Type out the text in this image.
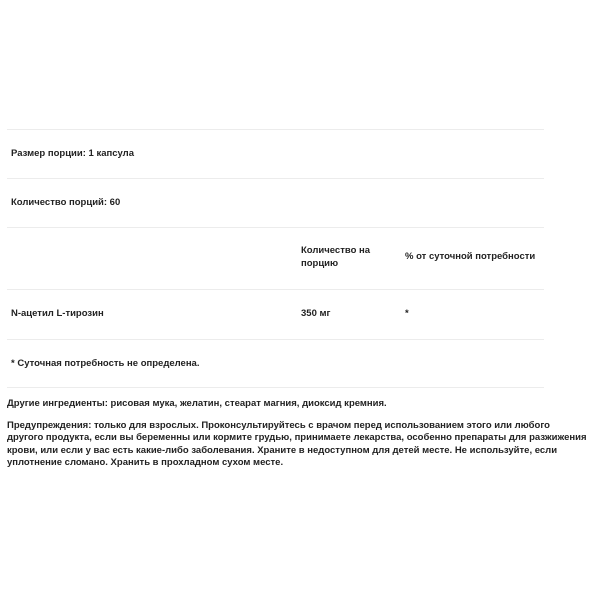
Размер порции: 1 капсула
Количество порций: 60
Количество на порцию
% от суточной потребности
N-ацетил L-тирозин	350 мг	*
* Суточная потребность не определена.
Другие ингредиенты: рисовая мука, желатин, стеарат магния, диоксид кремния.
Предупреждения: только для взрослых. Проконсультируйтесь с врачом перед использованием этого или любого другого продукта, если вы беременны или кормите грудью, принимаете лекарства, особенно препараты для разжижения крови, или если у вас есть какие-либо заболевания. Храните в недоступном для детей месте. Не используйте, если уплотнение сломано. Хранить в прохладном сухом месте.
